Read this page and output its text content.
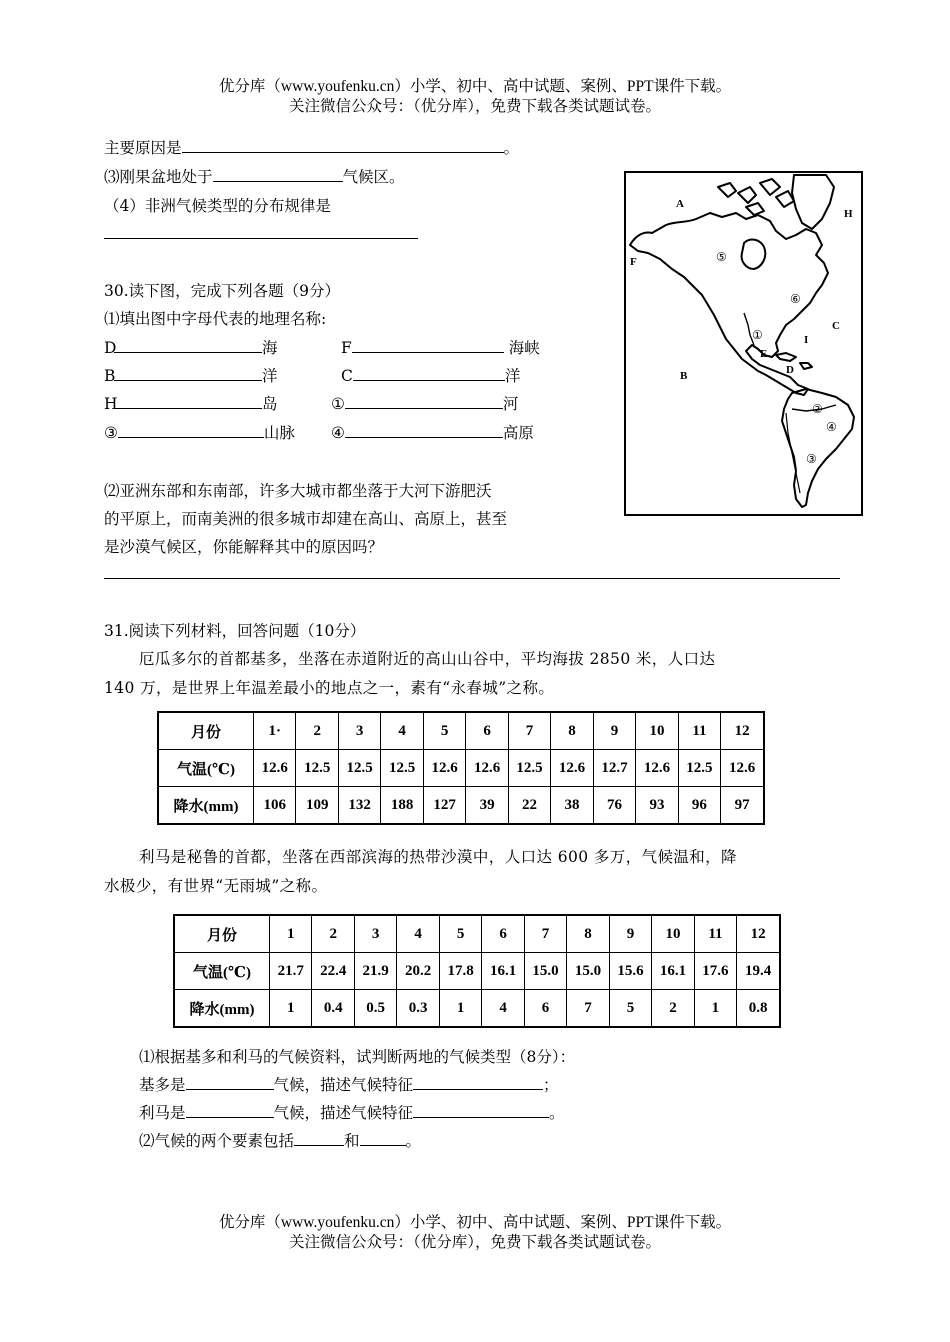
优分库（www.youfenku.cn）小学、初中、高中试题、案例、PPT课件下载。
关注微信公众号：（优分库），免费下载各类试题试卷。
主要原因是	。
⑶刚果盆地处于	气候区。
（4）非洲气候类型的分布规律是
30.读下图，完成下列各题（9分）
⑴填出图中字母代表的地理名称:
D	海	F	海峡
B	洋	C	洋
H	岛	①	河
③	山脉 ④	高原
⑵亚洲东部和东南部，许多大城市都坐落于大河下游肥沃
的平原上，而南美洲的很多城市却建在高山、高原上，甚至
是沙漠气候区，你能解释其中的原因吗？
A
H
F
C
B
I
E
D
⑤
⑥
①
②
④
③
31.阅读下列材料，回答问题（10分）
厄瓜多尔的首都基多，坐落在赤道附近的高山山谷中，平均海拔 2850 米，人口达
140 万，是世界上年温差最小的地点之一，素有“永春城”之称。
月份	1·	2	3	4	5	6	7	8	9	10	11	12
气温(℃)	12.6	12.5	12.5	12.5	12.6	12.6	12.5	12.6	12.7	12.6	12.5	12.6
降水(mm)	106	109	132	188	127	39	22	38	76	93	96	97
利马是秘鲁的首都，坐落在西部滨海的热带沙漠中，人口达 600 多万，气候温和，降
水极少，有世界“无雨城”之称。
月份	1	2	3	4	5	6	7	8	9	10	11	12
气温(℃)	21.7	22.4	21.9	20.2	17.8	16.1	15.0	15.0	15.6	16.1	17.6	19.4
降水(mm)	1	0.4	0.5	0.3	1	4	6	7	5	2	1	0.8
⑴根据基多和利马的气候资料，试判断两地的气候类型（8分）：
基多是	气候，描述气候特征	；
利马是	气候，描述气候特征	。
⑵气候的两个要素包括	和	。
优分库（www.youfenku.cn）小学、初中、高中试题、案例、PPT课件下载。
关注微信公众号：（优分库），免费下载各类试题试卷。
